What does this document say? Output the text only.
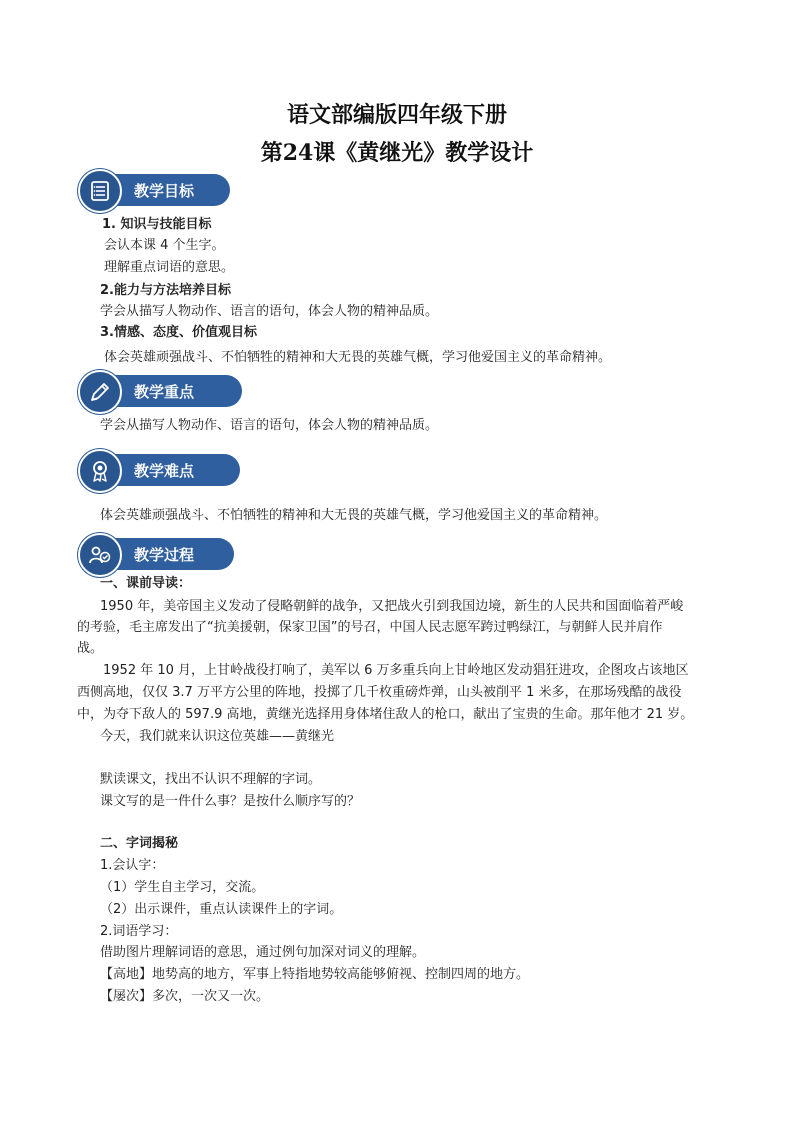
语文部编版四年级下册
第24课《黄继光》教学设计
教学目标
1. 知识与技能目标
会认本课 4 个生字。
理解重点词语的意思。
2.能力与方法培养目标
学会从描写人物动作、语言的语句，体会人物的精神品质。
3.情感、态度、价值观目标
体会英雄顽强战斗、不怕牺牲的精神和大无畏的英雄气概，学习他爱国主义的革命精神。
教学重点
学会从描写人物动作、语言的语句，体会人物的精神品质。
教学难点
体会英雄顽强战斗、不怕牺牲的精神和大无畏的英雄气概，学习他爱国主义的革命精神。
教学过程
一、课前导读：
1950 年，美帝国主义发动了侵略朝鲜的战争，又把战火引到我国边境，新生的人民共和国面临着严峻
的考验，毛主席发出了“抗美援朝，保家卫国”的号召，中国人民志愿军跨过鸭绿江，与朝鲜人民并肩作
战。
1952 年 10 月，上甘岭战役打响了，美军以 6 万多重兵向上甘岭地区发动猖狂进攻，企图攻占该地区
西侧高地，仅仅 3.7 万平方公里的阵地，投掷了几千枚重磅炸弹，山头被削平 1 米多，在那场残酷的战役
中，为夺下敌人的 597.9 高地，黄继光选择用身体堵住敌人的枪口，献出了宝贵的生命。那年他才 21 岁。
今天，我们就来认识这位英雄——黄继光
默读课文，找出不认识不理解的字词。
课文写的是一件什么事？是按什么顺序写的？
二、字词揭秘
1.会认字：
（1）学生自主学习，交流。
（2）出示课件，重点认读课件上的字词。
2.词语学习：
借助图片理解词语的意思，通过例句加深对词义的理解。
【高地】地势高的地方，军事上特指地势较高能够俯视、控制四周的地方。
【屡次】多次，一次又一次。
